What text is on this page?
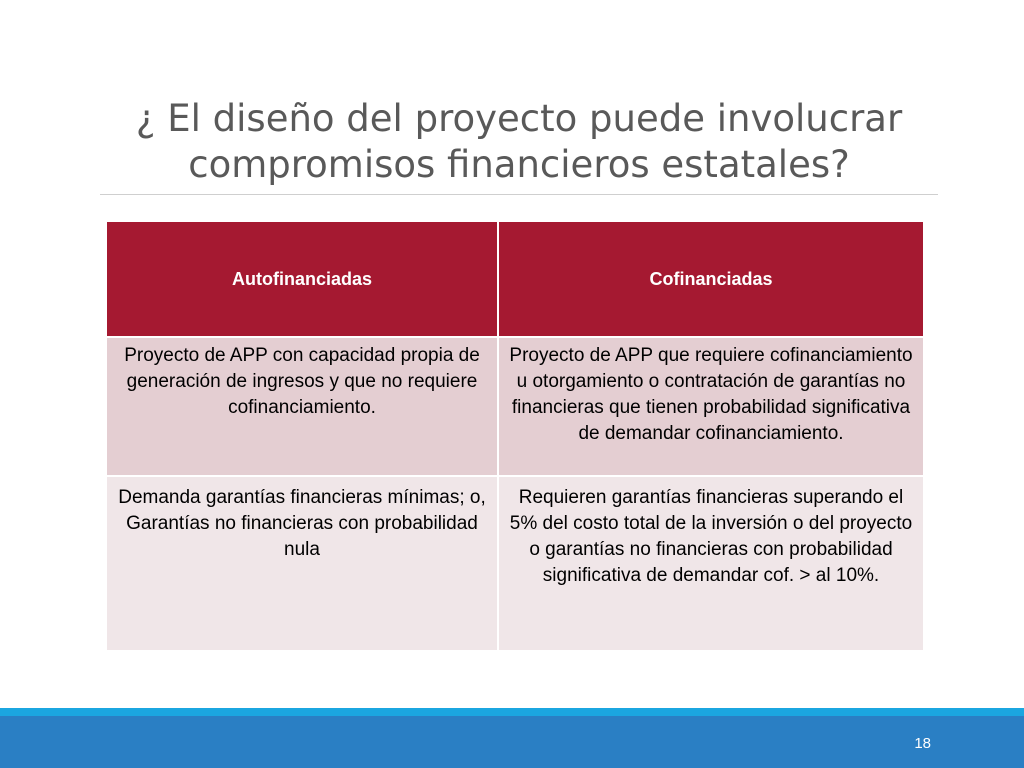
¿ El diseño del proyecto puede involucrar compromisos financieros estatales?
Autofinanciadas	Cofinanciadas
Proyecto de APP con capacidad propia de generación de ingresos y que no requiere cofinanciamiento.
Proyecto de APP que requiere cofinanciamiento u otorgamiento o contratación de garantías no financieras que tienen probabilidad significativa de demandar cofinanciamiento.
Demanda garantías financieras mínimas; o,
Garantías no financieras con probabilidad nula
Requieren garantías financieras superando el 5% del costo total de la inversión o del proyecto o garantías no financieras con probabilidad significativa de demandar cof. > al 10%.
18
